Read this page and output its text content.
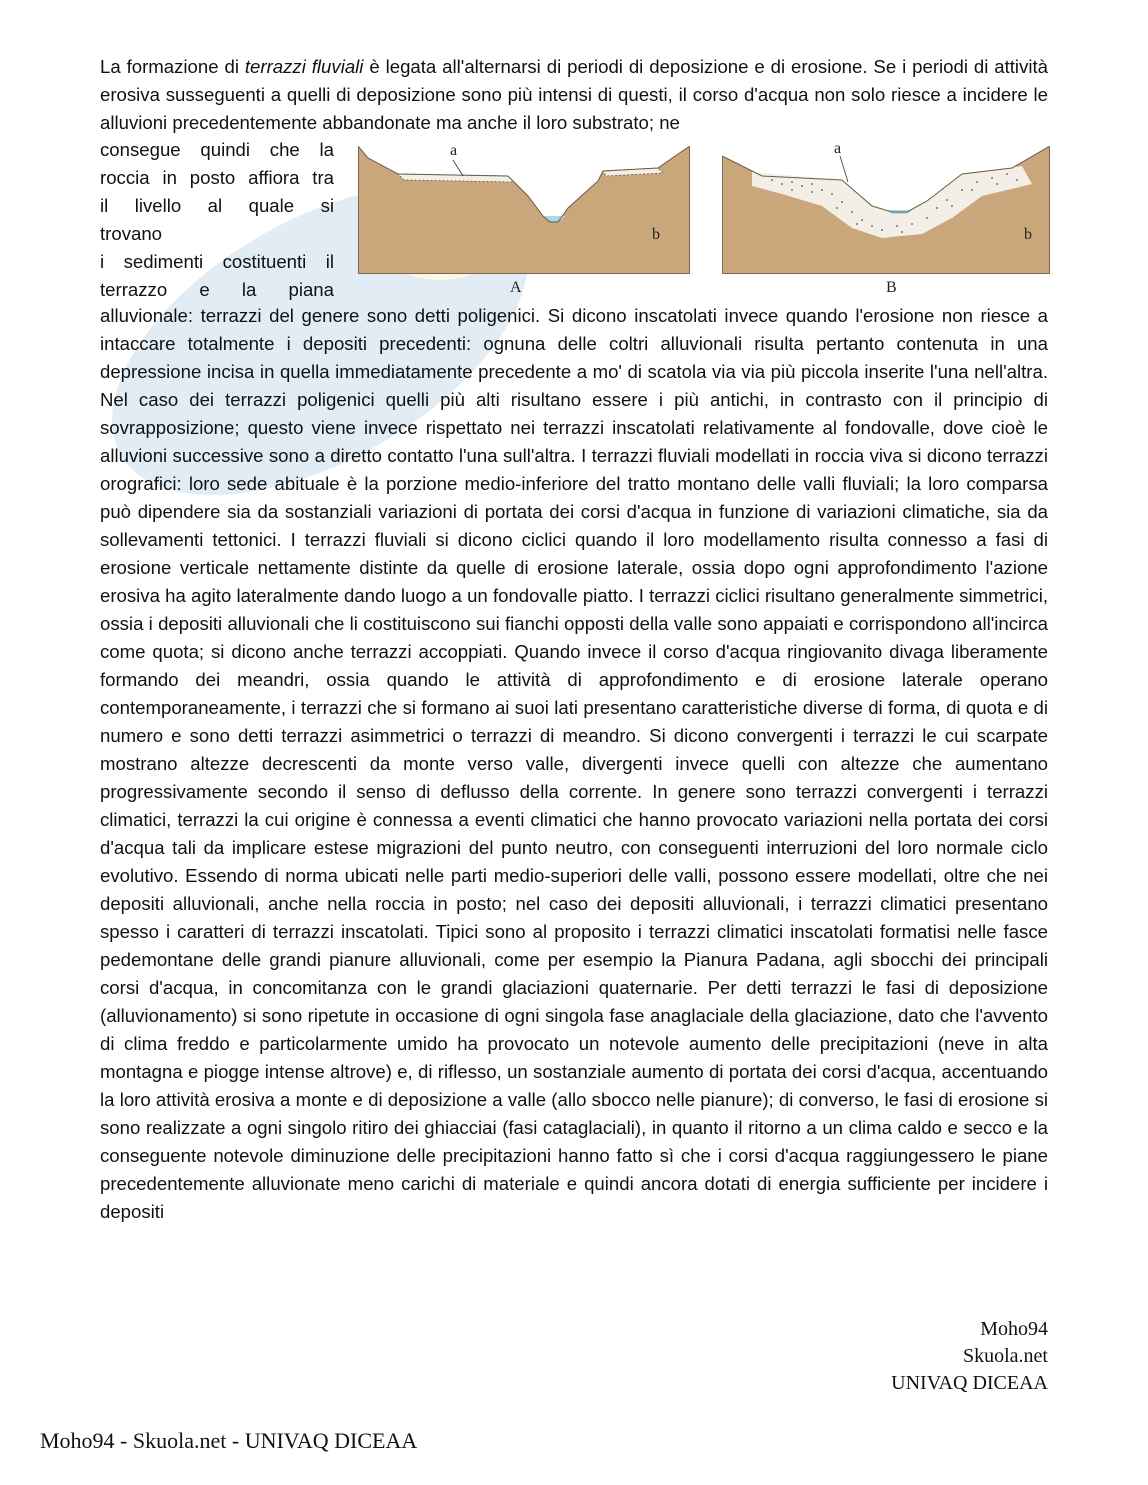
La formazione di terrazzi fluviali è legata all'alternarsi di periodi di deposizione e di erosione. Se i periodi di attività erosiva susseguenti a quelli di deposizione sono più intensi di questi, il corso d'acqua non solo riesce a incidere le alluvioni precedentemente abbandonate ma anche il loro substrato; ne

consegue quindi che la
roccia in posto affiora tra
il livello al quale si
trovano
i sedimenti costituenti il
terrazzo e la piana

a
b
a
b
A	B

alluvionale: terrazzi del genere sono detti poligenici. Si dicono inscatolati invece quando l'erosione non riesce a intaccare totalmente i depositi precedenti: ognuna delle coltri alluvionali risulta pertanto contenuta in una depressione incisa in quella immediatamente precedente a mo' di scatola via via più piccola inserite l'una nell'altra. Nel caso dei terrazzi poligenici quelli più alti risultano essere i più antichi, in contrasto con il principio di sovrapposizione; questo viene invece rispettato nei terrazzi inscatolati relativamente al fondovalle, dove cioè le alluvioni successive sono a diretto contatto l'una sull'altra. I terrazzi fluviali modellati in roccia viva si dicono terrazzi orografici: loro sede abituale è la porzione medio-inferiore del tratto montano delle valli fluviali; la loro comparsa può dipendere sia da sostanziali variazioni di portata dei corsi d'acqua in funzione di variazioni climatiche, sia da sollevamenti tettonici. I terrazzi fluviali si dicono ciclici quando il loro modellamento risulta connesso a fasi di erosione verticale nettamente distinte da quelle di erosione laterale, ossia dopo ogni approfondimento l'azione erosiva ha agito lateralmente dando luogo a un fondovalle piatto. I terrazzi ciclici risultano generalmente simmetrici, ossia i depositi alluvionali che li costituiscono sui fianchi opposti della valle sono appaiati e corrispondono all'incirca come quota; si dicono anche terrazzi accoppiati. Quando invece il corso d'acqua ringiovanito divaga liberamente formando dei meandri, ossia quando le attività di approfondimento e di erosione laterale operano contemporaneamente, i terrazzi che si formano ai suoi lati presentano caratteristiche diverse di forma, di quota e di numero e sono detti terrazzi asimmetrici o terrazzi di meandro. Si dicono convergenti i terrazzi le cui scarpate mostrano altezze decrescenti da monte verso valle, divergenti invece quelli con altezze che aumentano progressivamente secondo il senso di deflusso della corrente. In genere sono terrazzi convergenti i terrazzi climatici, terrazzi la cui origine è connessa a eventi climatici che hanno provocato variazioni nella portata dei corsi d'acqua tali da implicare estese migrazioni del punto neutro, con conseguenti interruzioni del loro normale ciclo evolutivo. Essendo di norma ubicati nelle parti medio-superiori delle valli, possono essere modellati, oltre che nei depositi alluvionali, anche nella roccia in posto; nel caso dei depositi alluvionali, i terrazzi climatici presentano spesso i caratteri di terrazzi inscatolati. Tipici sono al proposito i terrazzi climatici inscatolati formatisi nelle fasce pedemontane delle grandi pianure alluvionali, come per esempio la Pianura Padana, agli sbocchi dei principali corsi d'acqua, in concomitanza con le grandi glaciazioni quaternarie. Per detti terrazzi le fasi di deposizione (alluvionamento) si sono ripetute in occasione di ogni singola fase anaglaciale della glaciazione, dato che l'avvento di clima freddo e particolarmente umido ha provocato un notevole aumento delle precipitazioni (neve in alta montagna e piogge intense altrove) e, di riflesso, un sostanziale aumento di portata dei corsi d'acqua, accentuando la loro attività erosiva a monte e di deposizione a valle (allo sbocco nelle pianure); di converso, le fasi di erosione si sono realizzate a ogni singolo ritiro dei ghiacciai (fasi cataglaciali), in quanto il ritorno a un clima caldo e secco e la conseguente notevole diminuzione delle precipitazioni hanno fatto sì che i corsi d'acqua raggiungessero le piane precedentemente alluvionate meno carichi di materiale e quindi ancora dotati di energia sufficiente per incidere i depositi

Moho94
Skuola.net
UNIVAQ DICEAA
Moho94 - Skuola.net - UNIVAQ DICEAA
